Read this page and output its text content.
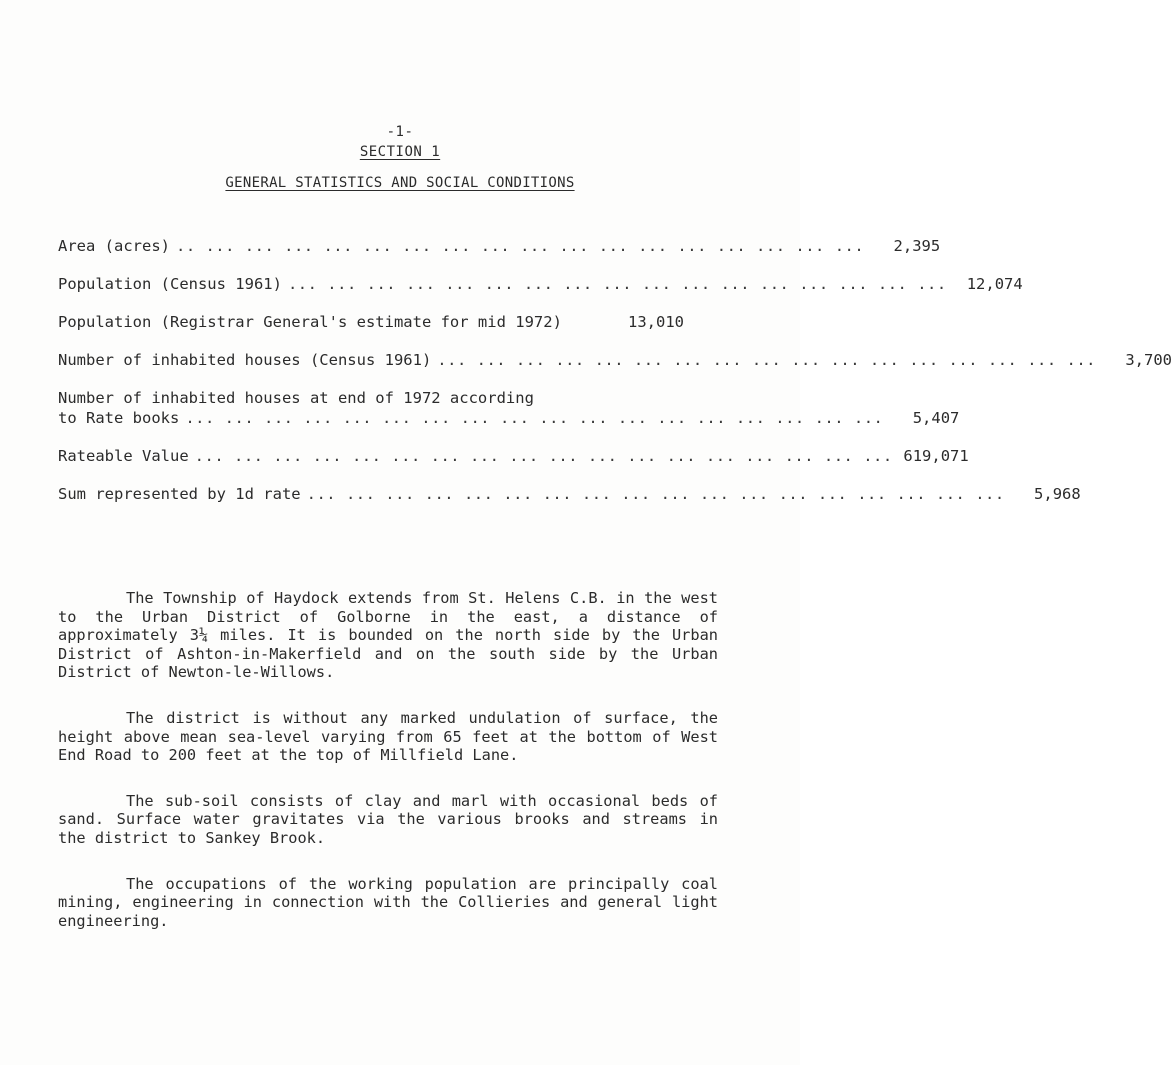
-1-
SECTION 1
GENERAL STATISTICS AND SOCIAL CONDITIONS
Area (acres) .. ... ... ... ... ... ... ... ... ... ... ... ... ... ... ... ... ...	2,395
Population (Census 1961) ... ... ... ... ... ... ... ... ... ... ... ... ... ... ... ... ...	12,074
Population (Registrar General's estimate for mid 1972)	13,010
Number of inhabited houses (Census 1961) ... ... ... ... ... ... ... ... ... ... ... ... ... ... ... ... ...	3,700
Number of inhabited houses at end of 1972 according
to Rate books ... ... ... ... ... ... ... ... ... ... ... ... ... ... ... ... ... ...	5,407
Rateable Value ... ... ... ... ... ... ... ... ... ... ... ... ... ... ... ... ... ... 619,071
Sum represented by 1d rate ... ... ... ... ... ... ... ... ... ... ... ... ... ... ... ... ... ...	5,968

The Township of Haydock extends from St. Helens C.B. in the west to the Urban District of Golborne in the east, a distance of approximately 3¼ miles. It is bounded on the north side by the Urban District of Ashton-in-Makerfield and on the south side by the Urban District of Newton-le-Willows.

The district is without any marked undulation of surface, the height above mean sea-level varying from 65 feet at the bottom of West End Road to 200 feet at the top of Millfield Lane.

The sub-soil consists of clay and marl with occasional beds of sand. Surface water gravitates via the various brooks and streams in the district to Sankey Brook.

The occupations of the working population are principally coal mining, engineering in connection with the Collieries and general light engineering.
